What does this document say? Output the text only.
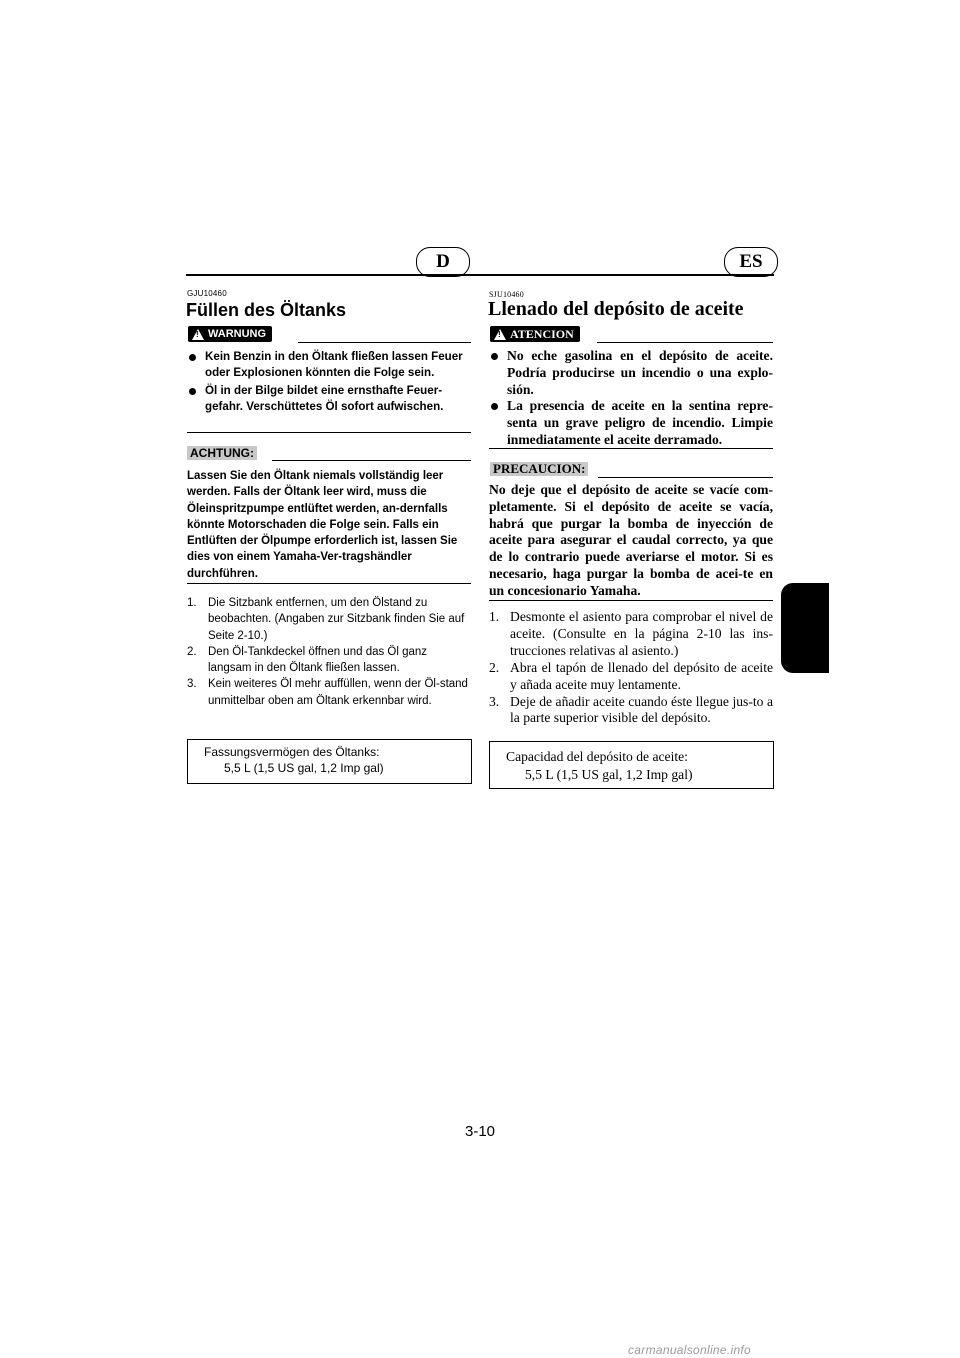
D	ES
GJU10460
Füllen des Öltanks
!
WARNUNG
Kein Benzin in den Öltank fließen lassen Feuer oder Explosionen könnten die Folge sein.
Öl in der Bilge bildet eine ernsthafte Feuer-gefahr. Verschüttetes Öl sofort aufwischen.
ACHTUNG:

Lassen Sie den Öltank niemals vollständig leer werden. Falls der Öltank leer wird, muss die Öleinspritzpumpe entlüftet werden, an-dernfalls könnte Motorschaden die Folge sein. Falls ein Entlüften der Ölpumpe erforderlich ist, lassen Sie dies von einem Yamaha-Ver-tragshändler durchführen.

1. Die Sitzbank entfernen, um den Ölstand zu beobachten. (Angaben zur Sitzbank finden Sie auf Seite 2-10.)
2. Den Öl-Tankdeckel öffnen und das Öl ganz langsam in den Öltank fließen lassen.
3. Kein weiteres Öl mehr auffüllen, wenn der Öl-stand unmittelbar oben am Öltank erkennbar wird.
Fassungsvermögen des Öltanks:
5,5 L (1,5 US gal, 1,2 Imp gal)
SJU10460
Llenado del depósito de aceite
!
ATENCION
No eche gasolina en el depósito de aceite. Podría producirse un incendio o una explo-sión.
La presencia de aceite en la sentina repre-senta un grave peligro de incendio. Limpie inmediatamente el aceite derramado.
PRECAUCION:

No deje que el depósito de aceite se vacíe com-pletamente. Si el depósito de aceite se vacía, habrá que purgar la bomba de inyección de aceite para asegurar el caudal correcto, ya que de lo contrario puede averiarse el motor. Si es necesario, haga purgar la bomba de acei-te en un concesionario Yamaha.

1. Desmonte el asiento para comprobar el nivel de aceite. (Consulte en la página 2-10 las ins-trucciones relativas al asiento.)
2. Abra el tapón de llenado del depósito de aceite y añada aceite muy lentamente.
3. Deje de añadir aceite cuando éste llegue jus-to a la parte superior visible del depósito.
Capacidad del depósito de aceite:
5,5 L (1,5 US gal, 1,2 Imp gal)
3-10
carmanualsonline.info
